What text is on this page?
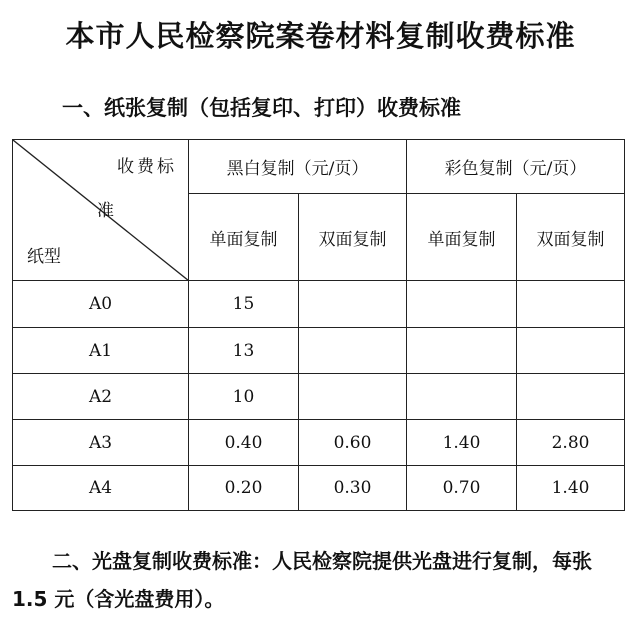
本市人民检察院案卷材料复制收费标准
一、纸张复制（包括复印、打印）收费标准
收费标
准
纸型	黑白复制（元/页）		彩色复制（元/页）	
	单面复制	双面复制	单面复制	双面复制
A0	15			
A1	13			
A2	10			
A3	0.40	0.60	1.40	2.80
A4	0.20	0.30	0.70	1.40
二、光盘复制收费标准：人民检察院提供光盘进行复制，每张 1.5 元（含光盘费用）。
